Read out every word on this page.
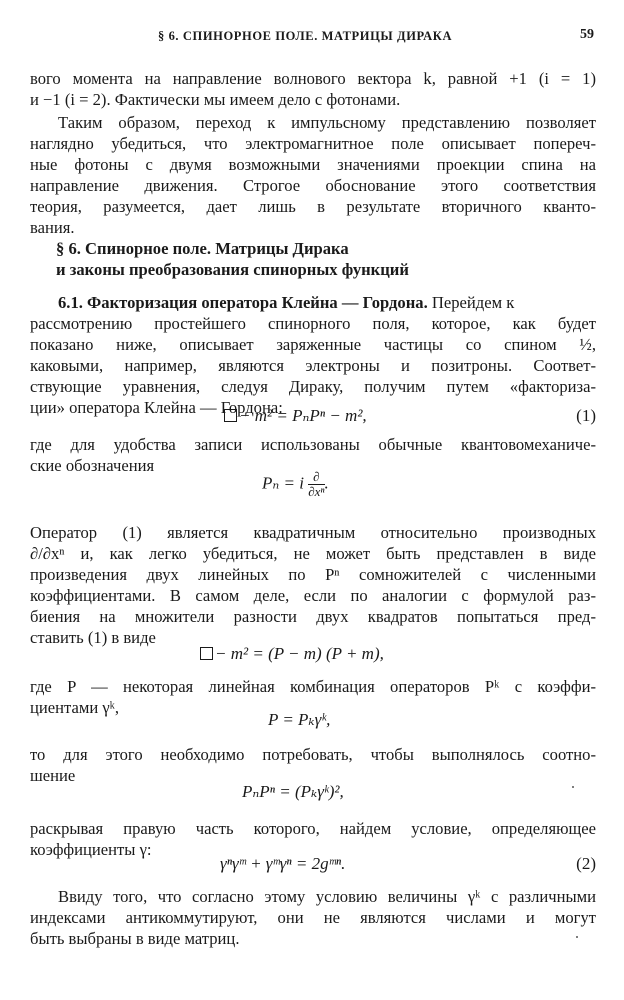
§ 6. СПИНОРНОЕ ПОЛЕ. МАТРИЦЫ ДИРАКА	59
вого момента на направление волнового вектора k, равной +1 (i = 1)
и −1 (i = 2). Фактически мы имеем дело с фотонами.
Таким образом, переход к импульсному представлению позволяет
наглядно убедиться, что электромагнитное поле описывает попереч-
ные фотоны с двумя возможными значениями проекции спина на
направление движения. Строгое обоснование этого соответствия
теория, разумеется, дает лишь в результате вторичного кванто-
вания.
§ 6. Спинорное поле. Матрицы Дирака
и законы преобразования спинорных функций
6.1. Факторизация оператора Клейна — Гордона. Перейдем к
рассмотрению простейшего спинорного поля, которое, как будет
показано ниже, описывает заряженные частицы со спином ½,
каковыми, например, являются электроны и позитроны. Соответ-
ствующие уравнения, следуя Дираку, получим путем «факториза-
ции» оператора Клейна — Гордона:
− m² = PₙPⁿ − m²,	(1)
где для удобства записи использованы обычные квантовомеханиче-
ские обозначения
Pₙ = i $\frac{\partial}{\text{∂xⁿ}}$ .
Оператор (1) является квадратичным относительно производных
∂/∂xⁿ и, как легко убедиться, не может быть представлен в виде
произведения двух линейных по Pⁿ сомножителей с численными
коэффициентами. В самом деле, если по аналогии с формулой раз-
биения на множители разности двух квадратов попытаться пред-
ставить (1) в виде
− m² = (P − m) (P + m),
где P — некоторая линейная комбинация операторов Pᵏ с коэффи-
циентами γᵏ,
P = Pₖγᵏ,
то для этого необходимо потребовать, чтобы выполнялось соотно-
шение
PₙPⁿ = (Pₖγᵏ)²,
раскрывая правую часть которого, найдем условие, определяющее
коэффициенты γ:
γⁿγᵐ + γᵐγⁿ = 2gᵐⁿ.	(2)
Ввиду того, что согласно этому условию величины γᵏ с различными
индексами антикоммутируют, они не являются числами и могут
быть выбраны в виде матриц.
